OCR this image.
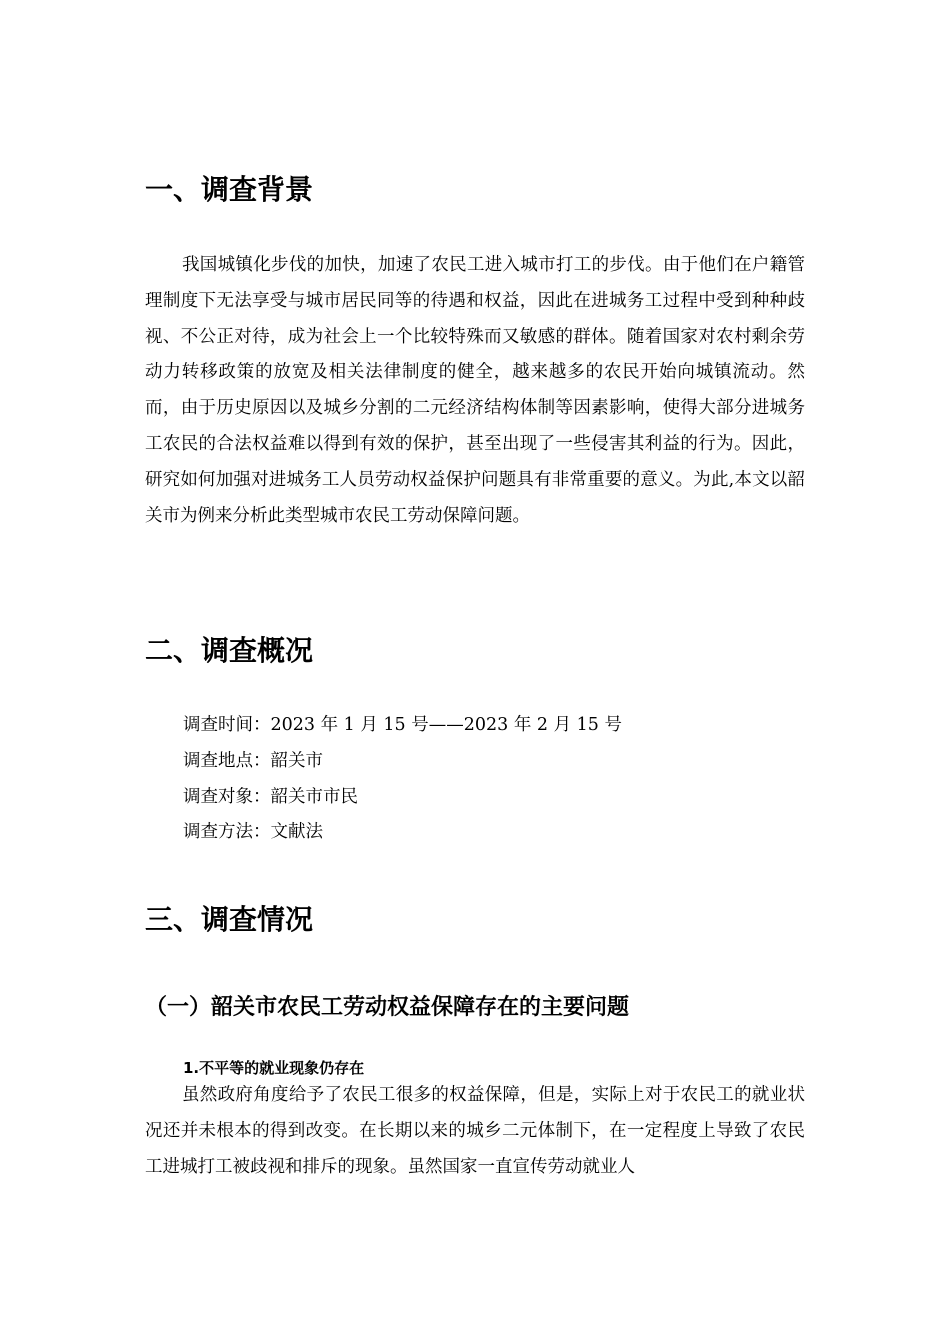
一、调查背景

我国城镇化步伐的加快，加速了农民工进入城市打工的步伐。由于他们在户籍管理制度下无法享受与城市居民同等的待遇和权益，因此在进城务工过程中受到种种歧视、不公正对待，成为社会上一个比较特殊而又敏感的群体。随着国家对农村剩余劳动力转移政策的放宽及相关法律制度的健全，越来越多的农民开始向城镇流动。然而，由于历史原因以及城乡分割的二元经济结构体制等因素影响，使得大部分进城务工农民的合法权益难以得到有效的保护，甚至出现了一些侵害其利益的行为。因此，研究如何加强对进城务工人员劳动权益保护问题具有非常重要的意义。为此,本文以韶关市为例来分析此类型城市农民工劳动保障问题。

二、调查概况
调查时间：2023 年 1 月 15 号——2023 年 2 月 15 号
调查地点：韶关市
调查对象：韶关市市民
调查方法：文献法
三、调查情况
（一）韶关市农民工劳动权益保障存在的主要问题
1.不平等的就业现象仍存在

虽然政府角度给予了农民工很多的权益保障，但是，实际上对于农民工的就业状况还并未根本的得到改变。在长期以来的城乡二元体制下，在一定程度上导致了农民工进城打工被歧视和排斥的现象。虽然国家一直宣传劳动就业人
